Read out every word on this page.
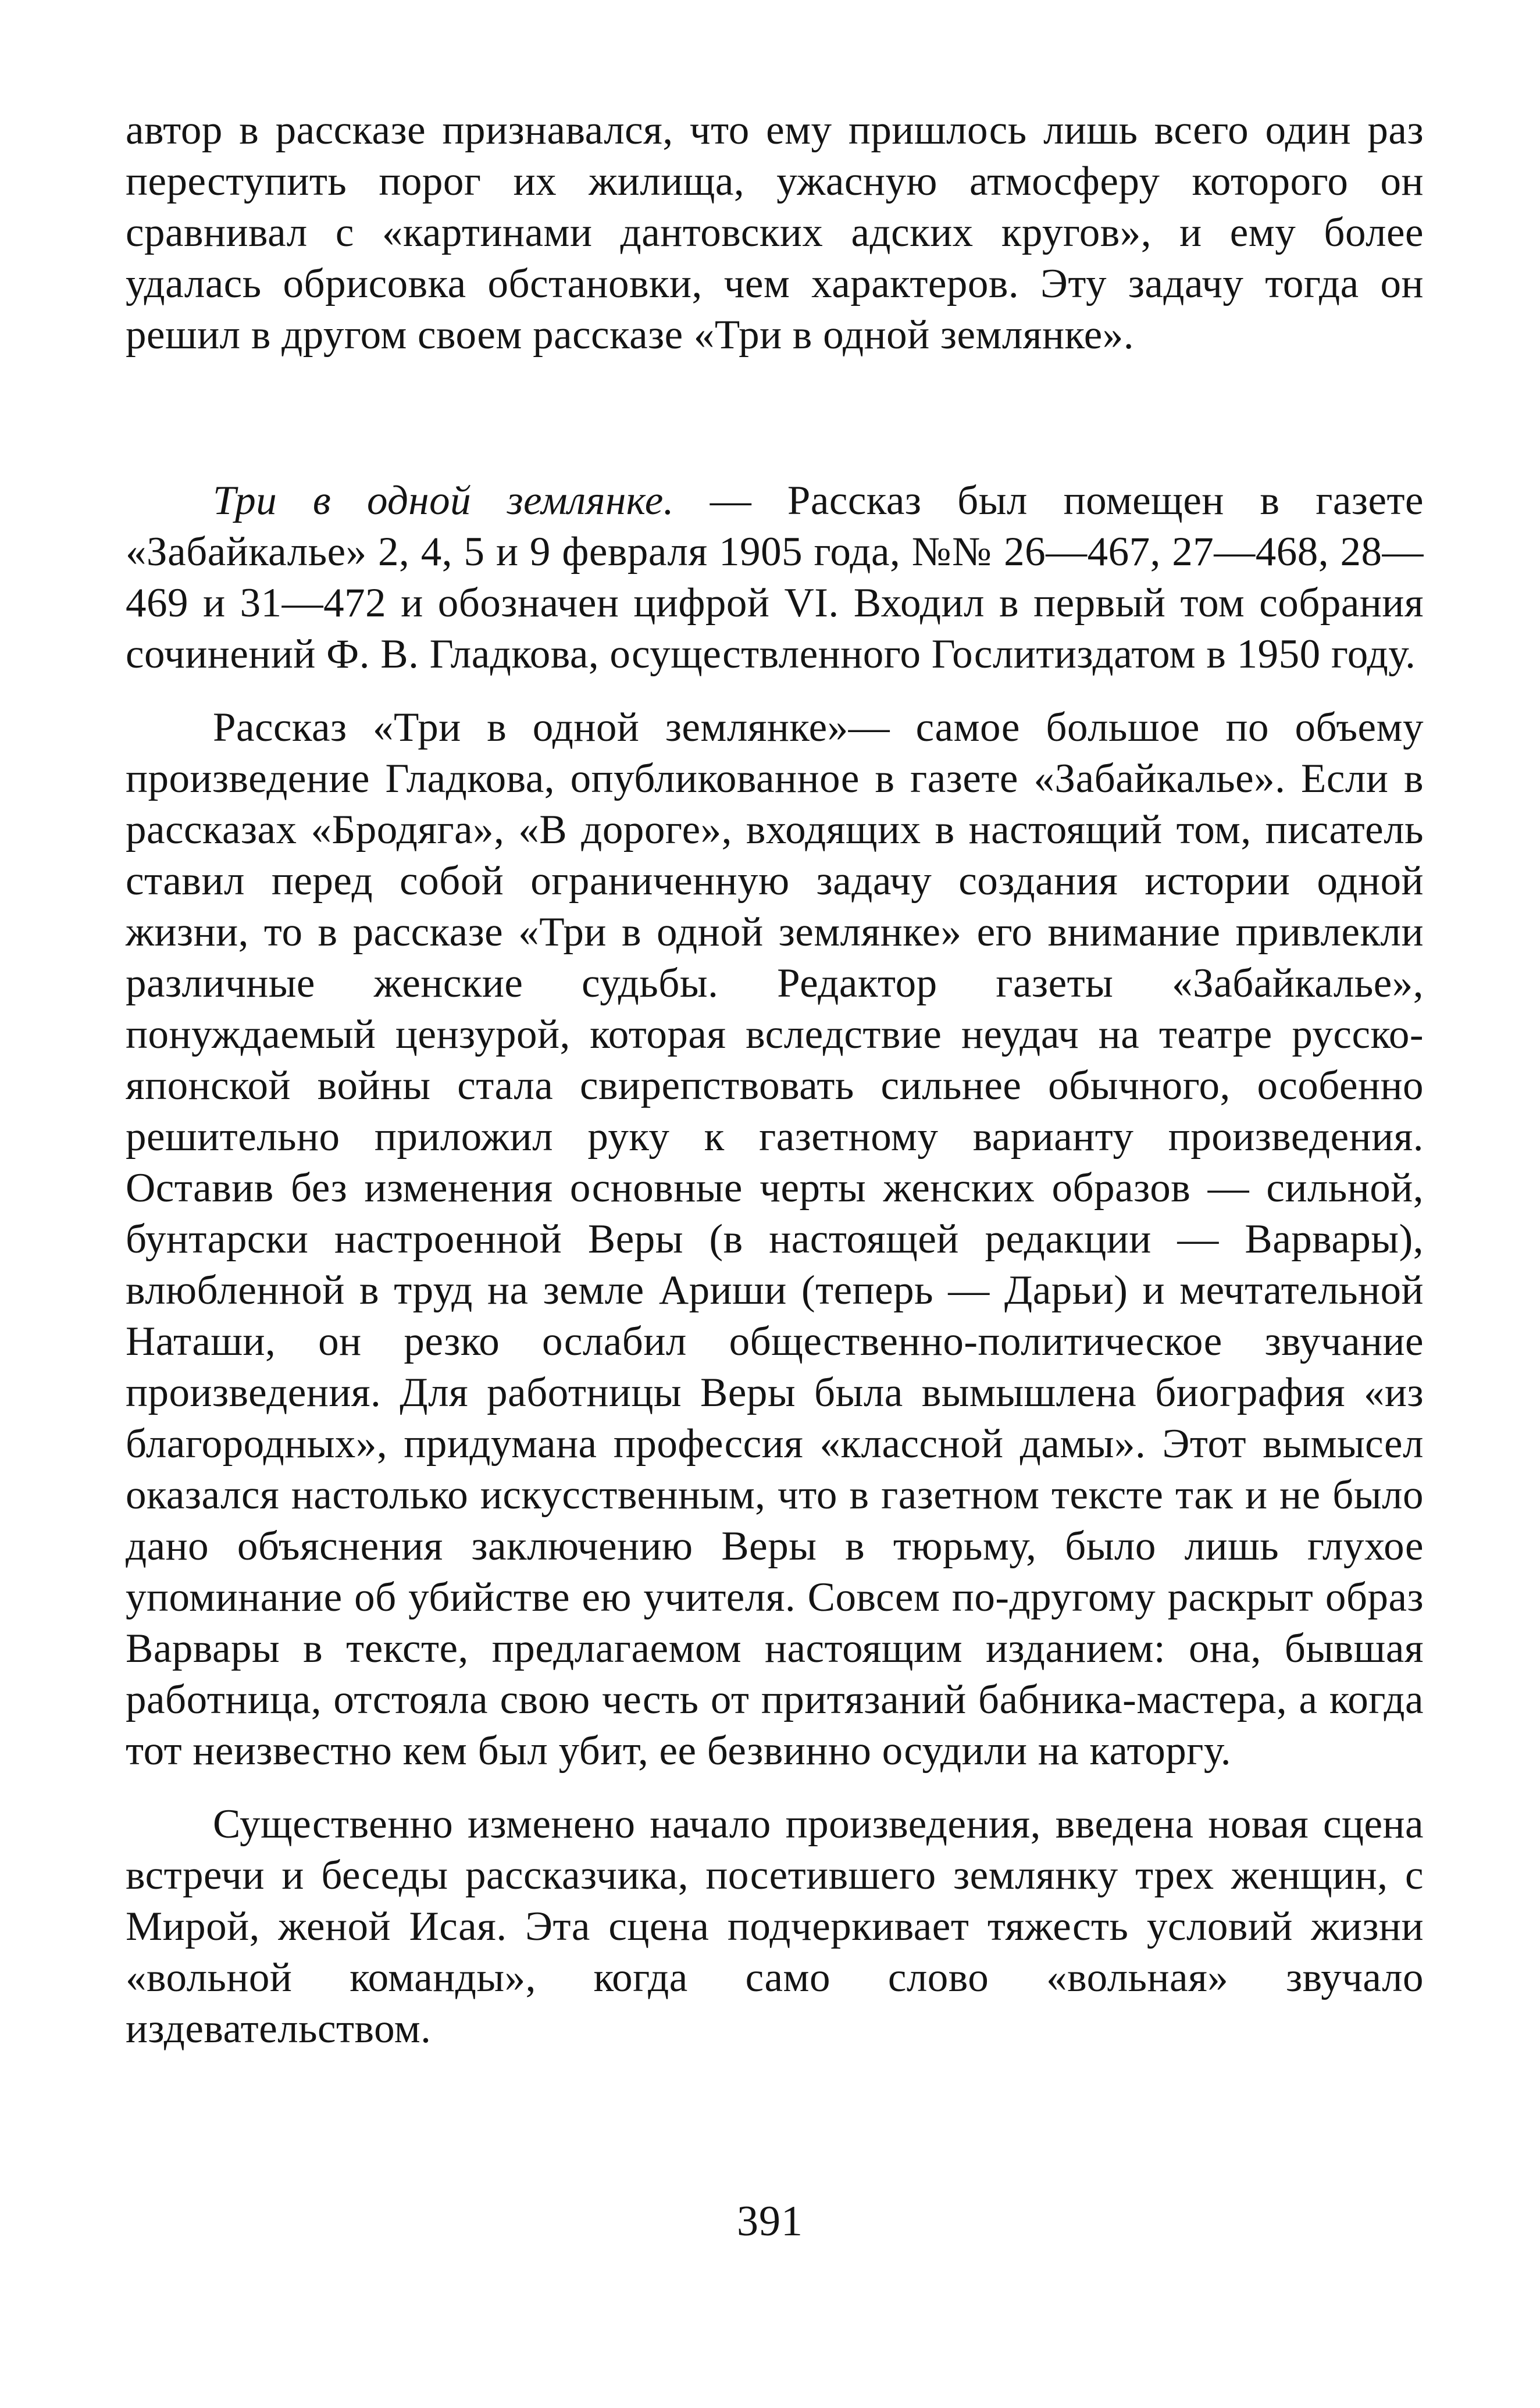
автор в рассказе признавался, что ему пришлось лишь всего один раз переступить порог их жилища, ужасную атмосферу которого он сравнивал с «картинами дантовских адских кругов», и ему более удалась обрисовка обстановки, чем характеров. Эту задачу тогда он решил в другом своем рассказе «Три в одной землянке».

Три в одной землянке. — Рассказ был помещен в газете «Забайкалье» 2, 4, 5 и 9 февраля 1905 года, №№ 26—467, 27—468, 28—469 и 31—472 и обозначен цифрой VI. Входил в первый том собрания сочинений Ф. В. Гладкова, осуществленного Гослитиздатом в 1950 году.

Рассказ «Три в одной землянке»— самое большое по объему произведение Гладкова, опубликованное в газете «Забайкалье». Если в рассказах «Бродяга», «В дороге», входящих в настоящий том, писатель ставил перед собой ограниченную задачу создания истории одной жизни, то в рассказе «Три в одной землянке» его внимание привлекли различные женские судьбы. Редактор газеты «Забайкалье», понуждаемый цензурой, которая вследствие неудач на театре русско-японской войны стала свирепствовать сильнее обычного, особенно решительно приложил руку к газетному варианту произведения. Оставив без изменения основные черты женских образов — сильной, бунтарски настроенной Веры (в настоящей редакции — Варвары), влюбленной в труд на земле Ариши (теперь — Дарьи) и мечтательной Наташи, он резко ослабил общественно-политическое звучание произведения. Для работницы Веры была вымышлена биография «из благородных», придумана профессия «классной дамы». Этот вымысел оказался настолько искусственным, что в газетном тексте так и не было дано объяснения заключению Веры в тюрьму, было лишь глухое упоминание об убийстве ею учителя. Совсем по-другому раскрыт образ Варвары в тексте, предлагаемом настоящим изданием: она, бывшая работница, отстояла свою честь от притязаний бабника-мастера, а когда тот неизвестно кем был убит, ее безвинно осудили на каторгу.

Существенно изменено начало произведения, введена новая сцена встречи и беседы рассказчика, посетившего землянку трех женщин, с Мирой, женой Исая. Эта сцена подчеркивает тяжесть условий жизни «вольной команды», когда само слово «вольная» звучало издевательством.

391
